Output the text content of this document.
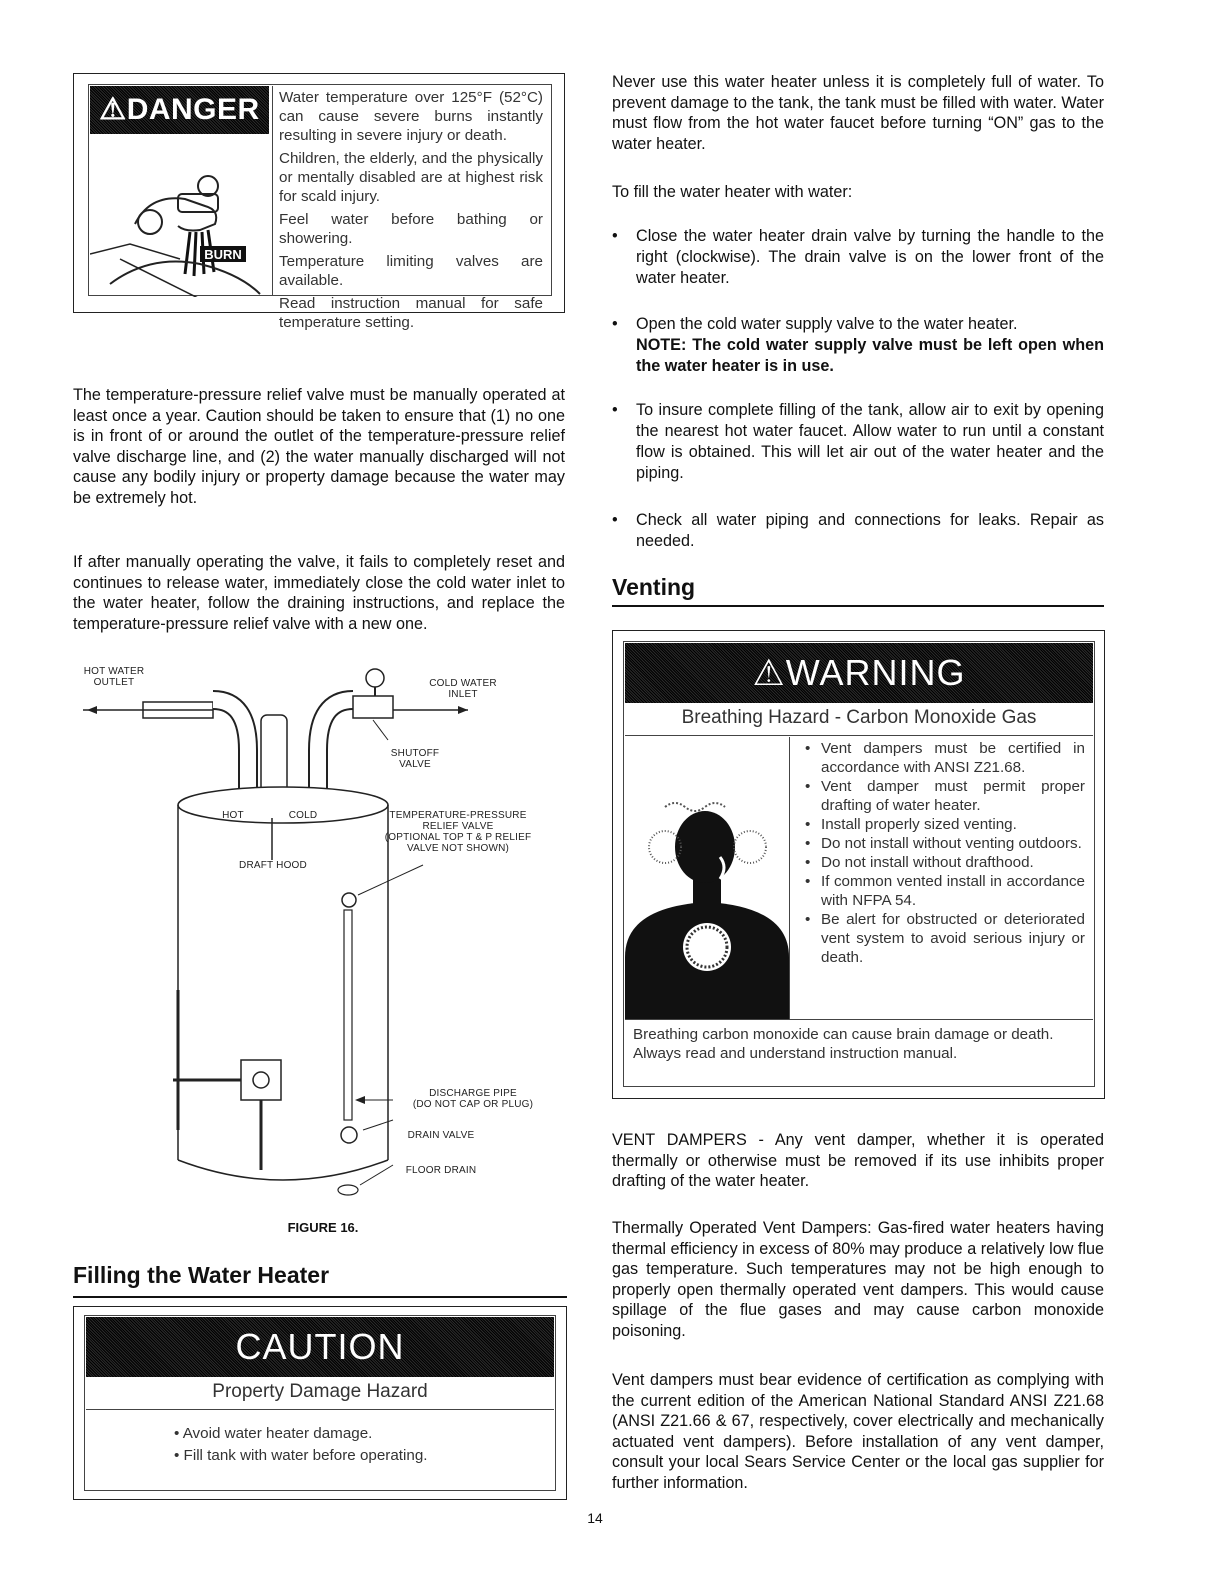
⚠DANGER
BURN

Water temperature over 125°F (52°C) can cause severe burns instantly resulting in severe injury or death.

Children, the elderly, and the physically or mentally disabled are at highest risk for scald injury.

Feel water before bathing or showering.

Temperature limiting valves are available.

Read instruction manual for safe temperature setting.

The temperature-pressure relief valve must be manually operated at least once a year. Caution should be taken to ensure that (1) no one is in front of or around the outlet of the temperature-pressure relief valve discharge line, and (2) the water manually discharged will not cause any bodily injury or property damage because the water may be extremely hot.

If after manually operating the valve, it fails to completely reset and continues to release water, immediately close the cold water inlet to the water heater, follow the draining instructions, and replace the temperature-pressure relief valve with a new one.

HOT WATER
OUTLET	COLD WATER
INLET
SHUTOFF
VALVE
TEMPERATURE-PRESSURE
RELIEF VALVE
(OPTIONAL TOP T & P RELIEF
VALVE NOT SHOWN)
HOT	COLD
DRAFT HOOD
DISCHARGE PIPE
(DO NOT CAP OR PLUG)
DRAIN VALVE
FLOOR DRAIN
FIGURE 16.
Filling the Water Heater
CAUTION
Property Damage Hazard
• Avoid water heater damage.
• Fill tank with water before operating.

Never use this water heater unless it is completely full of water. To prevent damage to the tank, the tank must be filled with water. Water must flow from the hot water faucet before turning “ON” gas to the water heater.

To fill the water heater with water:

• Close the water heater drain valve by turning the handle to the right (clockwise). The drain valve is on the lower front of the water heater.
• Open the cold water supply valve to the water heater.
NOTE: The cold water supply valve must be left open when the water heater is in use.
• To insure complete filling of the tank, allow air to exit by opening the nearest hot water faucet. Allow water to run until a constant flow is obtained. This will let air out of the water heater and the piping.
• Check all water piping and connections for leaks. Repair as needed.
Venting
⚠WARNING
Breathing Hazard - Carbon Monoxide Gas
• Vent dampers must be certified in accordance with ANSI Z21.68.
• Vent damper must permit proper drafting of water heater.
• Install properly sized venting.
• Do not install without venting outdoors.
• Do not install without drafthood.
• If common vented install in accordance with NFPA 54.
• Be alert for obstructed or deteriorated vent system to avoid serious injury or death.
Breathing carbon monoxide can cause brain damage or death. Always read and understand instruction manual.

VENT DAMPERS - Any vent damper, whether it is operated thermally or otherwise must be removed if its use inhibits proper drafting of the water heater.

Thermally Operated Vent Dampers: Gas-fired water heaters having thermal efficiency in excess of 80% may produce a relatively low flue gas temperature. Such temperatures may not be high enough to properly open thermally operated vent dampers. This would cause spillage of the flue gases and may cause carbon monoxide poisoning.

Vent dampers must bear evidence of certification as complying with the current edition of the American National Standard ANSI Z21.68 (ANSI Z21.66 & 67, respectively, cover electrically and mechanically actuated vent dampers). Before installation of any vent damper, consult your local Sears Service Center or the local gas supplier for further information.

14
